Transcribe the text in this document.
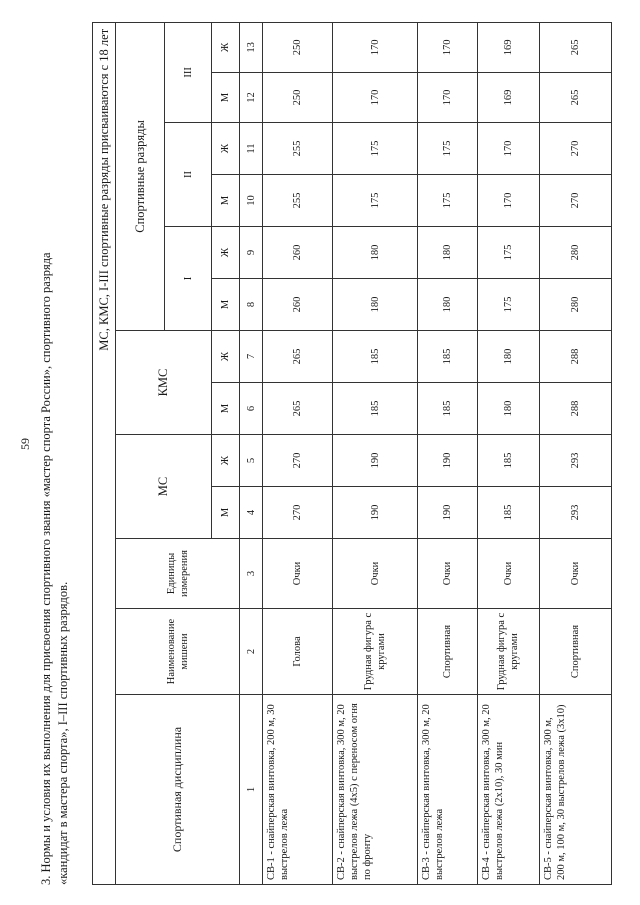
59 3. Нормы и условия их выполнения для присвоения спортивного звания «мастер спорта России», спортивного разряда «кандидат в мастера спорта», I–III спортивных разрядов.
МС, КМС, I-III спортивные разряды присваиваются с 18 лет												
Спортивная дисциплина	Наименование мишени	Единицы измерения	МС		КМС		Спортивные разряды					
							I		II		III	
			М	Ж	М	Ж	М	Ж	М	Ж	М	Ж
1	2	3	4	5	6	7	8	9	10	11	12	13
СВ-1 - снайперская винтовка, 200 м, 30 выстрелов лежа	Голова	Очки	270	270	265	265	260	260	255	255	250	250
СВ-2 - снайперская винтовка, 300 м, 20 выстрелов лежа (4х5) с переносом огня по фронту	Грудная фигура с кругами	Очки	190	190	185	185	180	180	175	175	170	170
СВ-3 - снайперская винтовка, 300 м, 20 выстрелов лежа	Спортивная	Очки	190	190	185	185	180	180	175	175	170	170
СВ-4 - снайперская винтовка, 300 м, 20 выстрелов лежа (2х10), 30 мин	Грудная фигура с кругами	Очки	185	185	180	180	175	175	170	170	169	169
СВ-5 - снайперская винтовка, 300 м, 200 м, 100 м, 30 выстрелов лежа (3х10)	Спортивная	Очки	293	293	288	288	280	280	270	270	265	265
